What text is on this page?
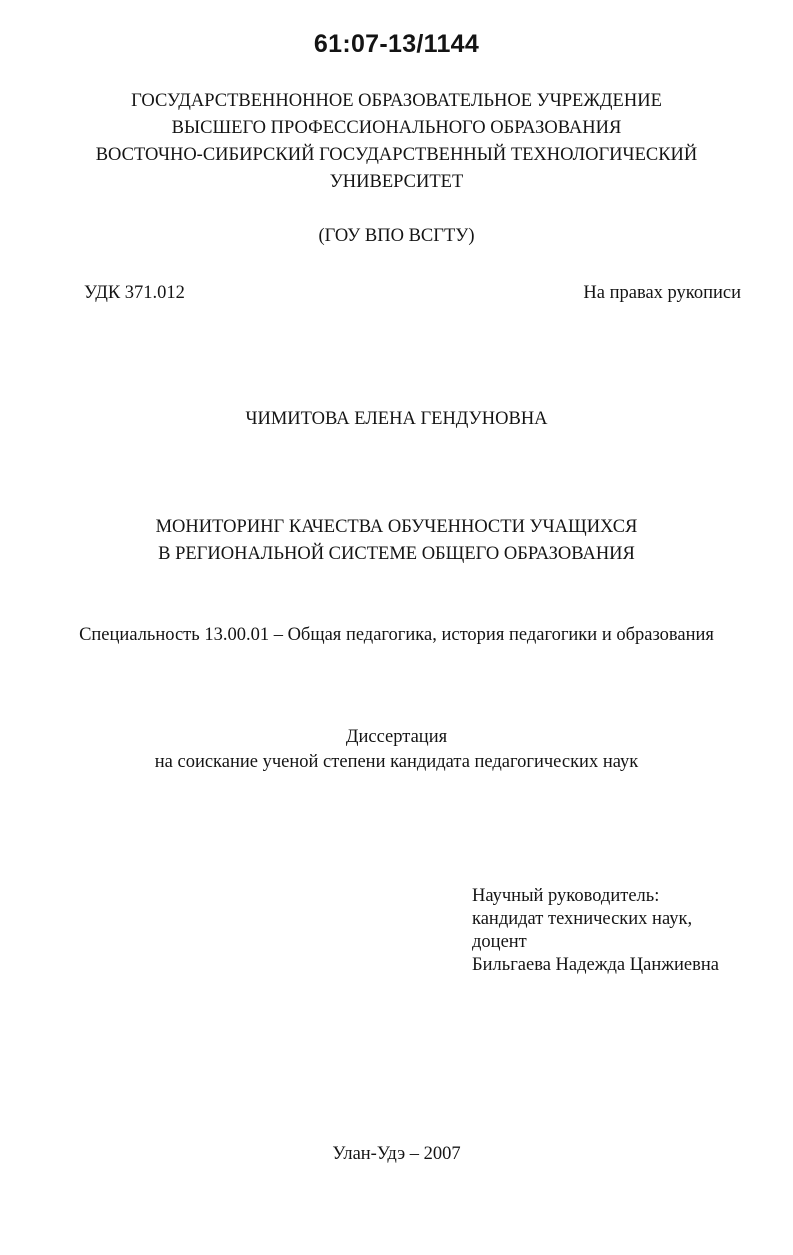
61:07-13/1144
ГОСУДАРСТВЕННОННОЕ ОБРАЗОВАТЕЛЬНОЕ УЧРЕЖДЕНИЕ
ВЫСШЕГО ПРОФЕССИОНАЛЬНОГО ОБРАЗОВАНИЯ
ВОСТОЧНО-СИБИРСКИЙ ГОСУДАРСТВЕННЫЙ ТЕХНОЛОГИЧЕСКИЙ
УНИВЕРСИТЕТ
(ГОУ ВПО ВСГТУ)
УДК 371.012	На правах рукописи
ЧИМИТОВА ЕЛЕНА ГЕНДУНОВНА
МОНИТОРИНГ КАЧЕСТВА ОБУЧЕННОСТИ УЧАЩИХСЯ
В РЕГИОНАЛЬНОЙ СИСТЕМЕ ОБЩЕГО ОБРАЗОВАНИЯ
Специальность 13.00.01 – Общая педагогика, история педагогики и образования
Диссертация
на соискание ученой степени кандидата педагогических наук
Научный руководитель:
кандидат технических наук,
доцент
Бильгаева Надежда Цанжиевна
Улан-Удэ – 2007
